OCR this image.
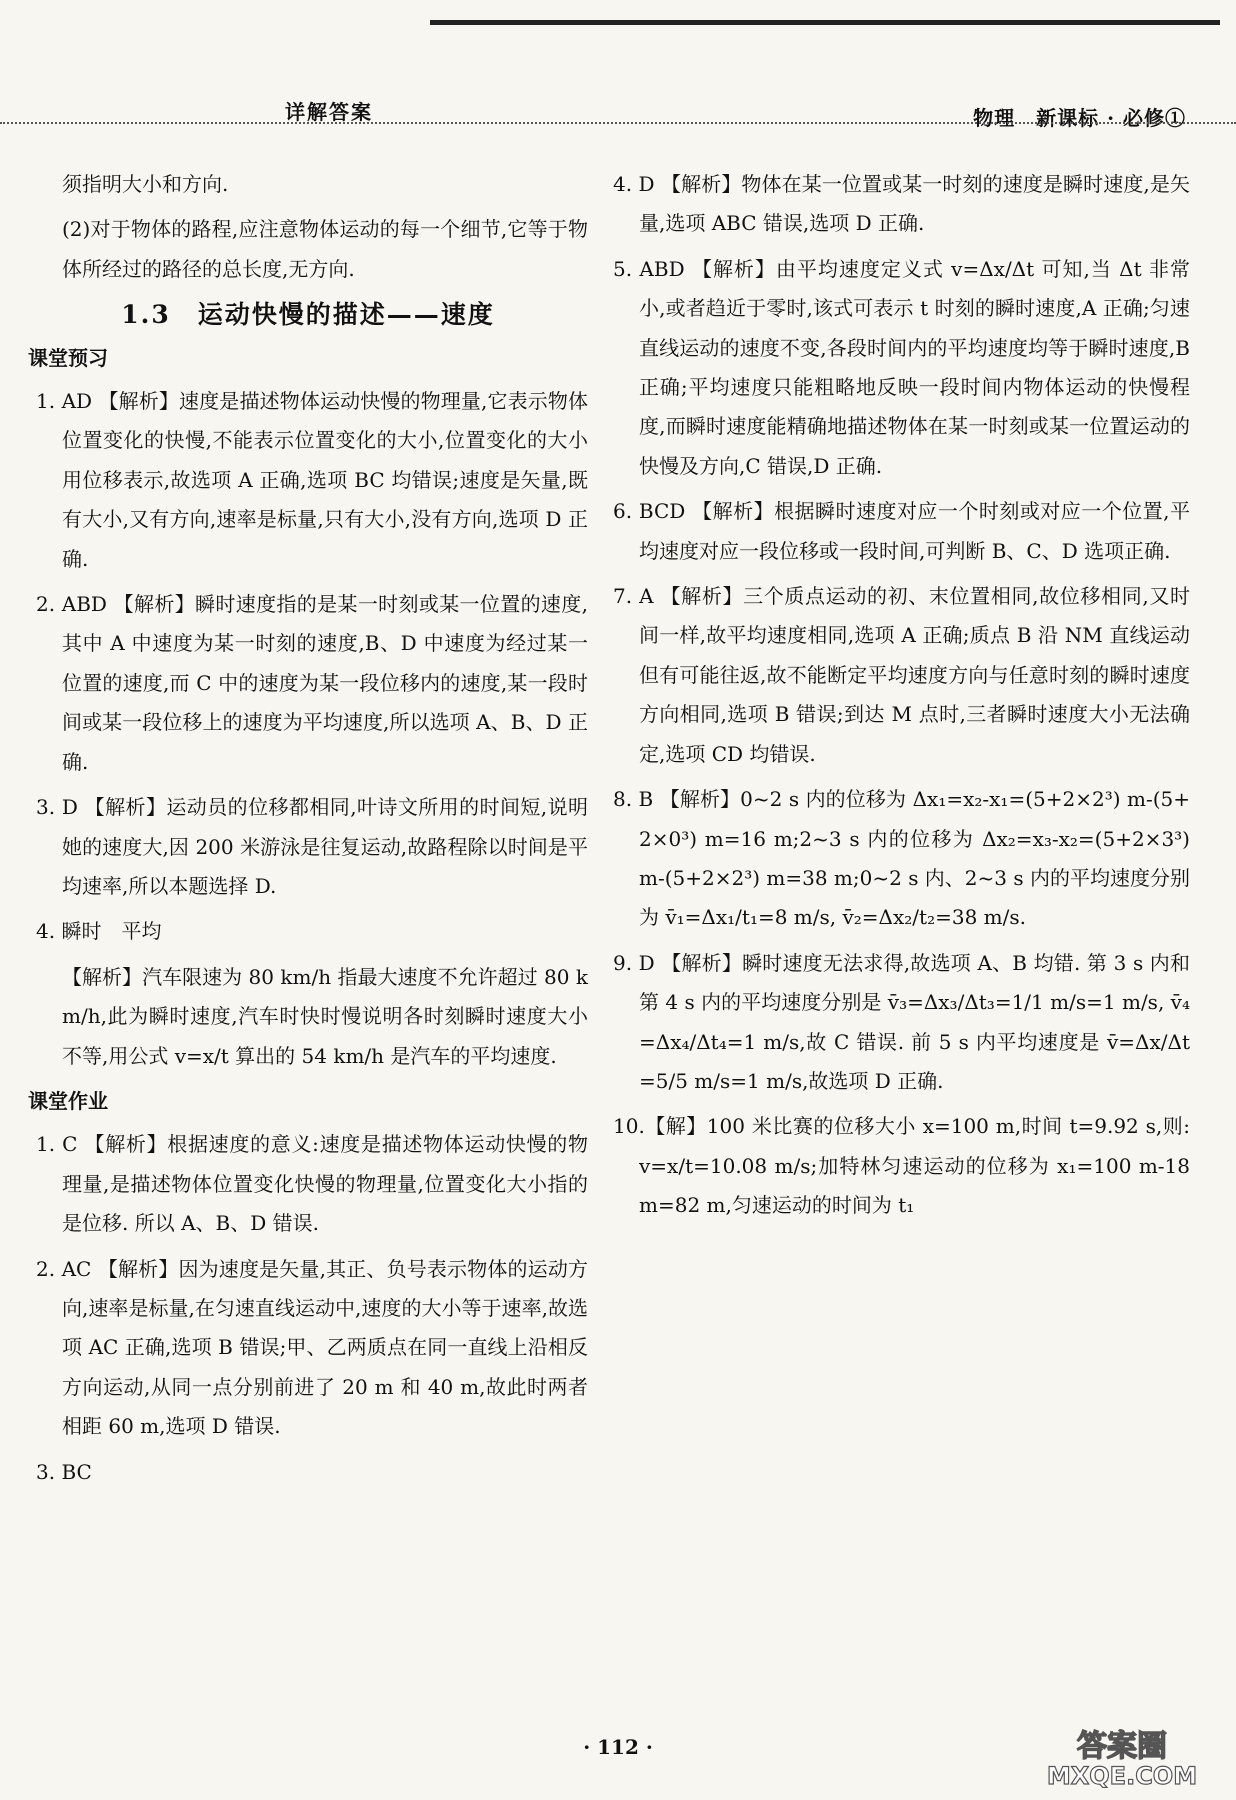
详解答案	物理　新课标 · 必修①

须指明大小和方向.

(2)对于物体的路程,应注意物体运动的每一个细节,它等于物体所经过的路径的总长度,无方向.

1.3　运动快慢的描述——速度
课堂预习

1. AD 【解析】速度是描述物体运动快慢的物理量,它表示物体位置变化的快慢,不能表示位置变化的大小,位置变化的大小用位移表示,故选项 A 正确,选项 BC 均错误;速度是矢量,既有大小,又有方向,速率是标量,只有大小,没有方向,选项 D 正确.

2. ABD 【解析】瞬时速度指的是某一时刻或某一位置的速度,其中 A 中速度为某一时刻的速度,B、D 中速度为经过某一位置的速度,而 C 中的速度为某一段位移内的速度,某一段时间或某一段位移上的速度为平均速度,所以选项 A、B、D 正确.

3. D 【解析】运动员的位移都相同,叶诗文所用的时间短,说明她的速度大,因 200 米游泳是往复运动,故路程除以时间是平均速率,所以本题选择 D.

4. 瞬时　平均

【解析】汽车限速为 80 km/h 指最大速度不允许超过 80 km/h,此为瞬时速度,汽车时快时慢说明各时刻瞬时速度大小不等,用公式 v=x/t 算出的 54 km/h 是汽车的平均速度.

课堂作业

1. C 【解析】根据速度的意义:速度是描述物体运动快慢的物理量,是描述物体位置变化快慢的物理量,位置变化大小指的是位移. 所以 A、B、D 错误.

2. AC 【解析】因为速度是矢量,其正、负号表示物体的运动方向,速率是标量,在匀速直线运动中,速度的大小等于速率,故选项 AC 正确,选项 B 错误;甲、乙两质点在同一直线上沿相反方向运动,从同一点分别前进了 20 m 和 40 m,故此时两者相距 60 m,选项 D 错误.

3. BC

4. D 【解析】物体在某一位置或某一时刻的速度是瞬时速度,是矢量,选项 ABC 错误,选项 D 正确.

5. ABD 【解析】由平均速度定义式 v=Δx/Δt 可知,当 Δt 非常小,或者趋近于零时,该式可表示 t 时刻的瞬时速度,A 正确;匀速直线运动的速度不变,各段时间内的平均速度均等于瞬时速度,B 正确;平均速度只能粗略地反映一段时间内物体运动的快慢程度,而瞬时速度能精确地描述物体在某一时刻或某一位置运动的快慢及方向,C 错误,D 正确.

6. BCD 【解析】根据瞬时速度对应一个时刻或对应一个位置,平均速度对应一段位移或一段时间,可判断 B、C、D 选项正确.

7. A 【解析】三个质点运动的初、末位置相同,故位移相同,又时间一样,故平均速度相同,选项 A 正确;质点 B 沿 NM 直线运动但有可能往返,故不能断定平均速度方向与任意时刻的瞬时速度方向相同,选项 B 错误;到达 M 点时,三者瞬时速度大小无法确定,选项 CD 均错误.

8. B 【解析】0~2 s 内的位移为 Δx₁=x₂-x₁=(5+2×2³) m-(5+2×0³) m=16 m;2~3 s 内的位移为 Δx₂=x₃-x₂=(5+2×3³) m-(5+2×2³) m=38 m;0~2 s 内、2~3 s 内的平均速度分别为 v̄₁=Δx₁/t₁=8 m/s, v̄₂=Δx₂/t₂=38 m/s.

9. D 【解析】瞬时速度无法求得,故选项 A、B 均错. 第 3 s 内和第 4 s 内的平均速度分别是 v̄₃=Δx₃/Δt₃=1/1 m/s=1 m/s, v̄₄=Δx₄/Δt₄=1 m/s,故 C 错误. 前 5 s 内平均速度是 v̄=Δx/Δt=5/5 m/s=1 m/s,故选项 D 正确.

10.【解】100 米比赛的位移大小 x=100 m,时间 t=9.92 s,则:v=x/t=10.08 m/s;加特林匀速运动的位移为 x₁=100 m-18 m=82 m,匀速运动的时间为 t₁

· 112 ·	答案圈
MXQE.COM
